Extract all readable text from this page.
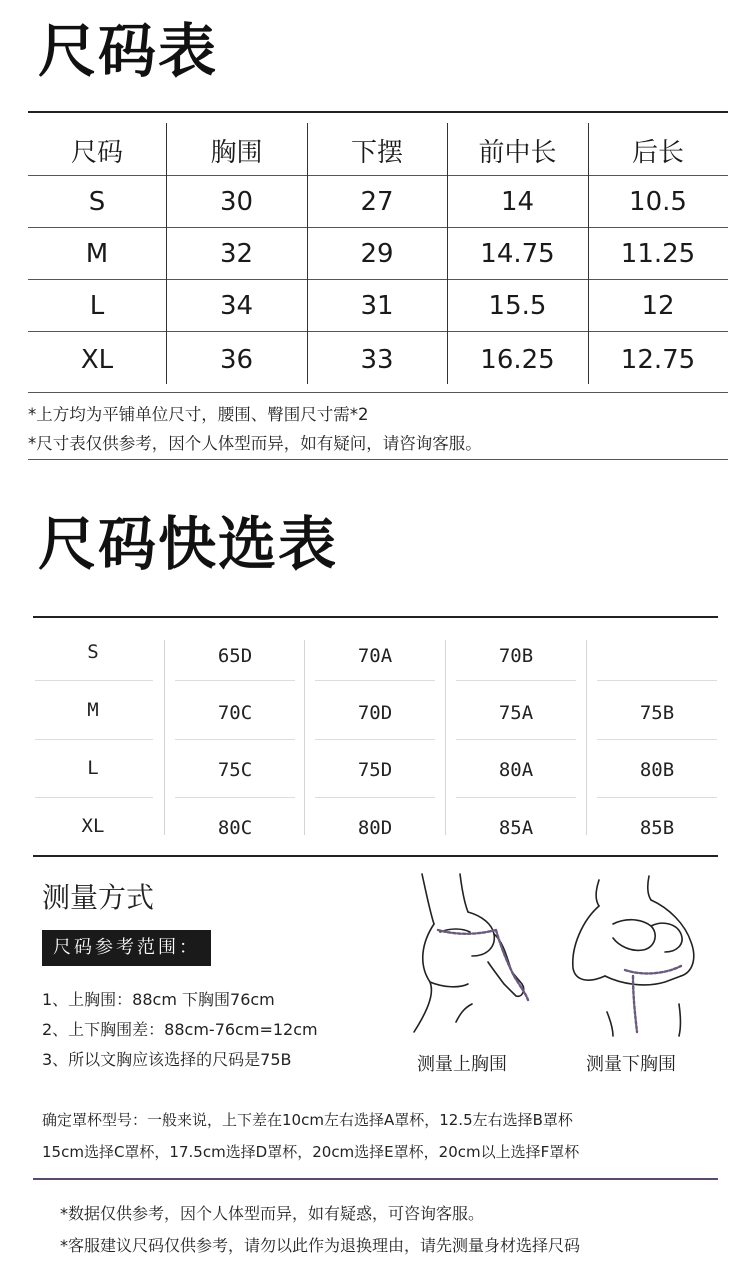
尺码表
尺码	胸围	下摆	前中长	后长
S	30	27	14	10.5
M	32	29	14.75	11.25
L	34	31	15.5	12
XL	36	33	16.25	12.75
*上方均为平铺单位尺寸，腰围、臀围尺寸需*2
*尺寸表仅供参考，因个人体型而异，如有疑问，请咨询客服。
尺码快选表
S	65D	70A	70B
M	70C	70D	75A	75B
L	75C	75D	80A	80B
XL	80C	80D	85A	85B
测量方式
尺码参考范围：
1、上胸围：88cm 下胸围76cm
2、上下胸围差：88cm-76cm=12cm
3、所以文胸应该选择的尺码是75B	测量上胸围	测量下胸围
确定罩杯型号：一般来说，上下差在10cm左右选择A罩杯，12.5左右选择B罩杯
15cm选择C罩杯，17.5cm选择D罩杯，20cm选择E罩杯，20cm以上选择F罩杯
*数据仅供参考，因个人体型而异，如有疑惑，可咨询客服。
*客服建议尺码仅供参考，请勿以此作为退换理由，请先测量身材选择尺码
